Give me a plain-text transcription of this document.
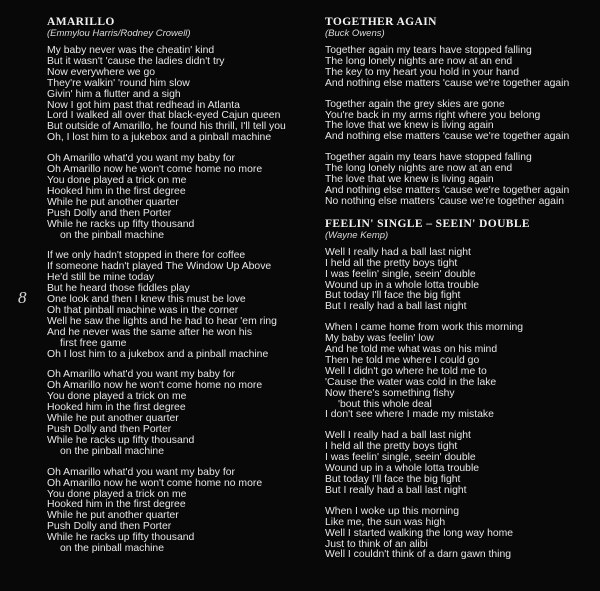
AMARILLO
(Emmylou Harris/Rodney Crowell)
My baby never was the cheatin' kind
But it wasn't 'cause the ladies didn't try
Now everywhere we go
They're walkin' 'round him slow
Givin' him a flutter and a sigh
Now I got him past that redhead in Atlanta
Lord I walked all over that black-eyed Cajun queen
But outside of Amarillo, he found his thrill, I'll tell you
Oh, I lost him to a jukebox and a pinball machine
Oh Amarillo what'd you want my baby for
Oh Amarillo now he won't come home no more
You done played a trick on me
Hooked him in the first degree
While he put another quarter
Push Dolly and then Porter
While he racks up fifty thousand
on the pinball machine
If we only hadn't stopped in there for coffee
If someone hadn't played The Window Up Above
He'd still be mine today
But he heard those fiddles play
One look and then I knew this must be love
Oh that pinball machine was in the corner
Well he saw the lights and he had to hear 'em ring
And he never was the same after he won his
first free game
Oh I lost him to a jukebox and a pinball machine
Oh Amarillo what'd you want my baby for
Oh Amarillo now he won't come home no more
You done played a trick on me
Hooked him in the first degree
While he put another quarter
Push Dolly and then Porter
While he racks up fifty thousand
on the pinball machine
Oh Amarillo what'd you want my baby for
Oh Amarillo now he won't come home no more
You done played a trick on me
Hooked him in the first degree
While he put another quarter
Push Dolly and then Porter
While he racks up fifty thousand
on the pinball machine
8
TOGETHER AGAIN
(Buck Owens)
Together again my tears have stopped falling
The long lonely nights are now at an end
The key to my heart you hold in your hand
And nothing else matters 'cause we're together again
Together again the grey skies are gone
You're back in my arms right where you belong
The love that we knew is living again
And nothing else matters 'cause we're together again
Together again my tears have stopped falling
The long lonely nights are now at an end
The love that we knew is living again
And nothing else matters 'cause we're together again
No nothing else matters 'cause we're together again
FEELIN' SINGLE – SEEIN' DOUBLE
(Wayne Kemp)
Well I really had a ball last night
I held all the pretty boys tight
I was feelin' single, seein' double
Wound up in a whole lotta trouble
But today I'll face the big fight
But I really had a ball last night
When I came home from work this morning
My baby was feelin' low
And he told me what was on his mind
Then he told me where I could go
Well I didn't go where he told me to
'Cause the water was cold in the lake
Now there's something fishy
'bout this whole deal
I don't see where I made my mistake
Well I really had a ball last night
I held all the pretty boys tight
I was feelin' single, seein' double
Wound up in a whole lotta trouble
But today I'll face the big fight
But I really had a ball last night
When I woke up this morning
Like me, the sun was high
Well I started walking the long way home
Just to think of an alibi
Well I couldn't think of a darn gawn thing
